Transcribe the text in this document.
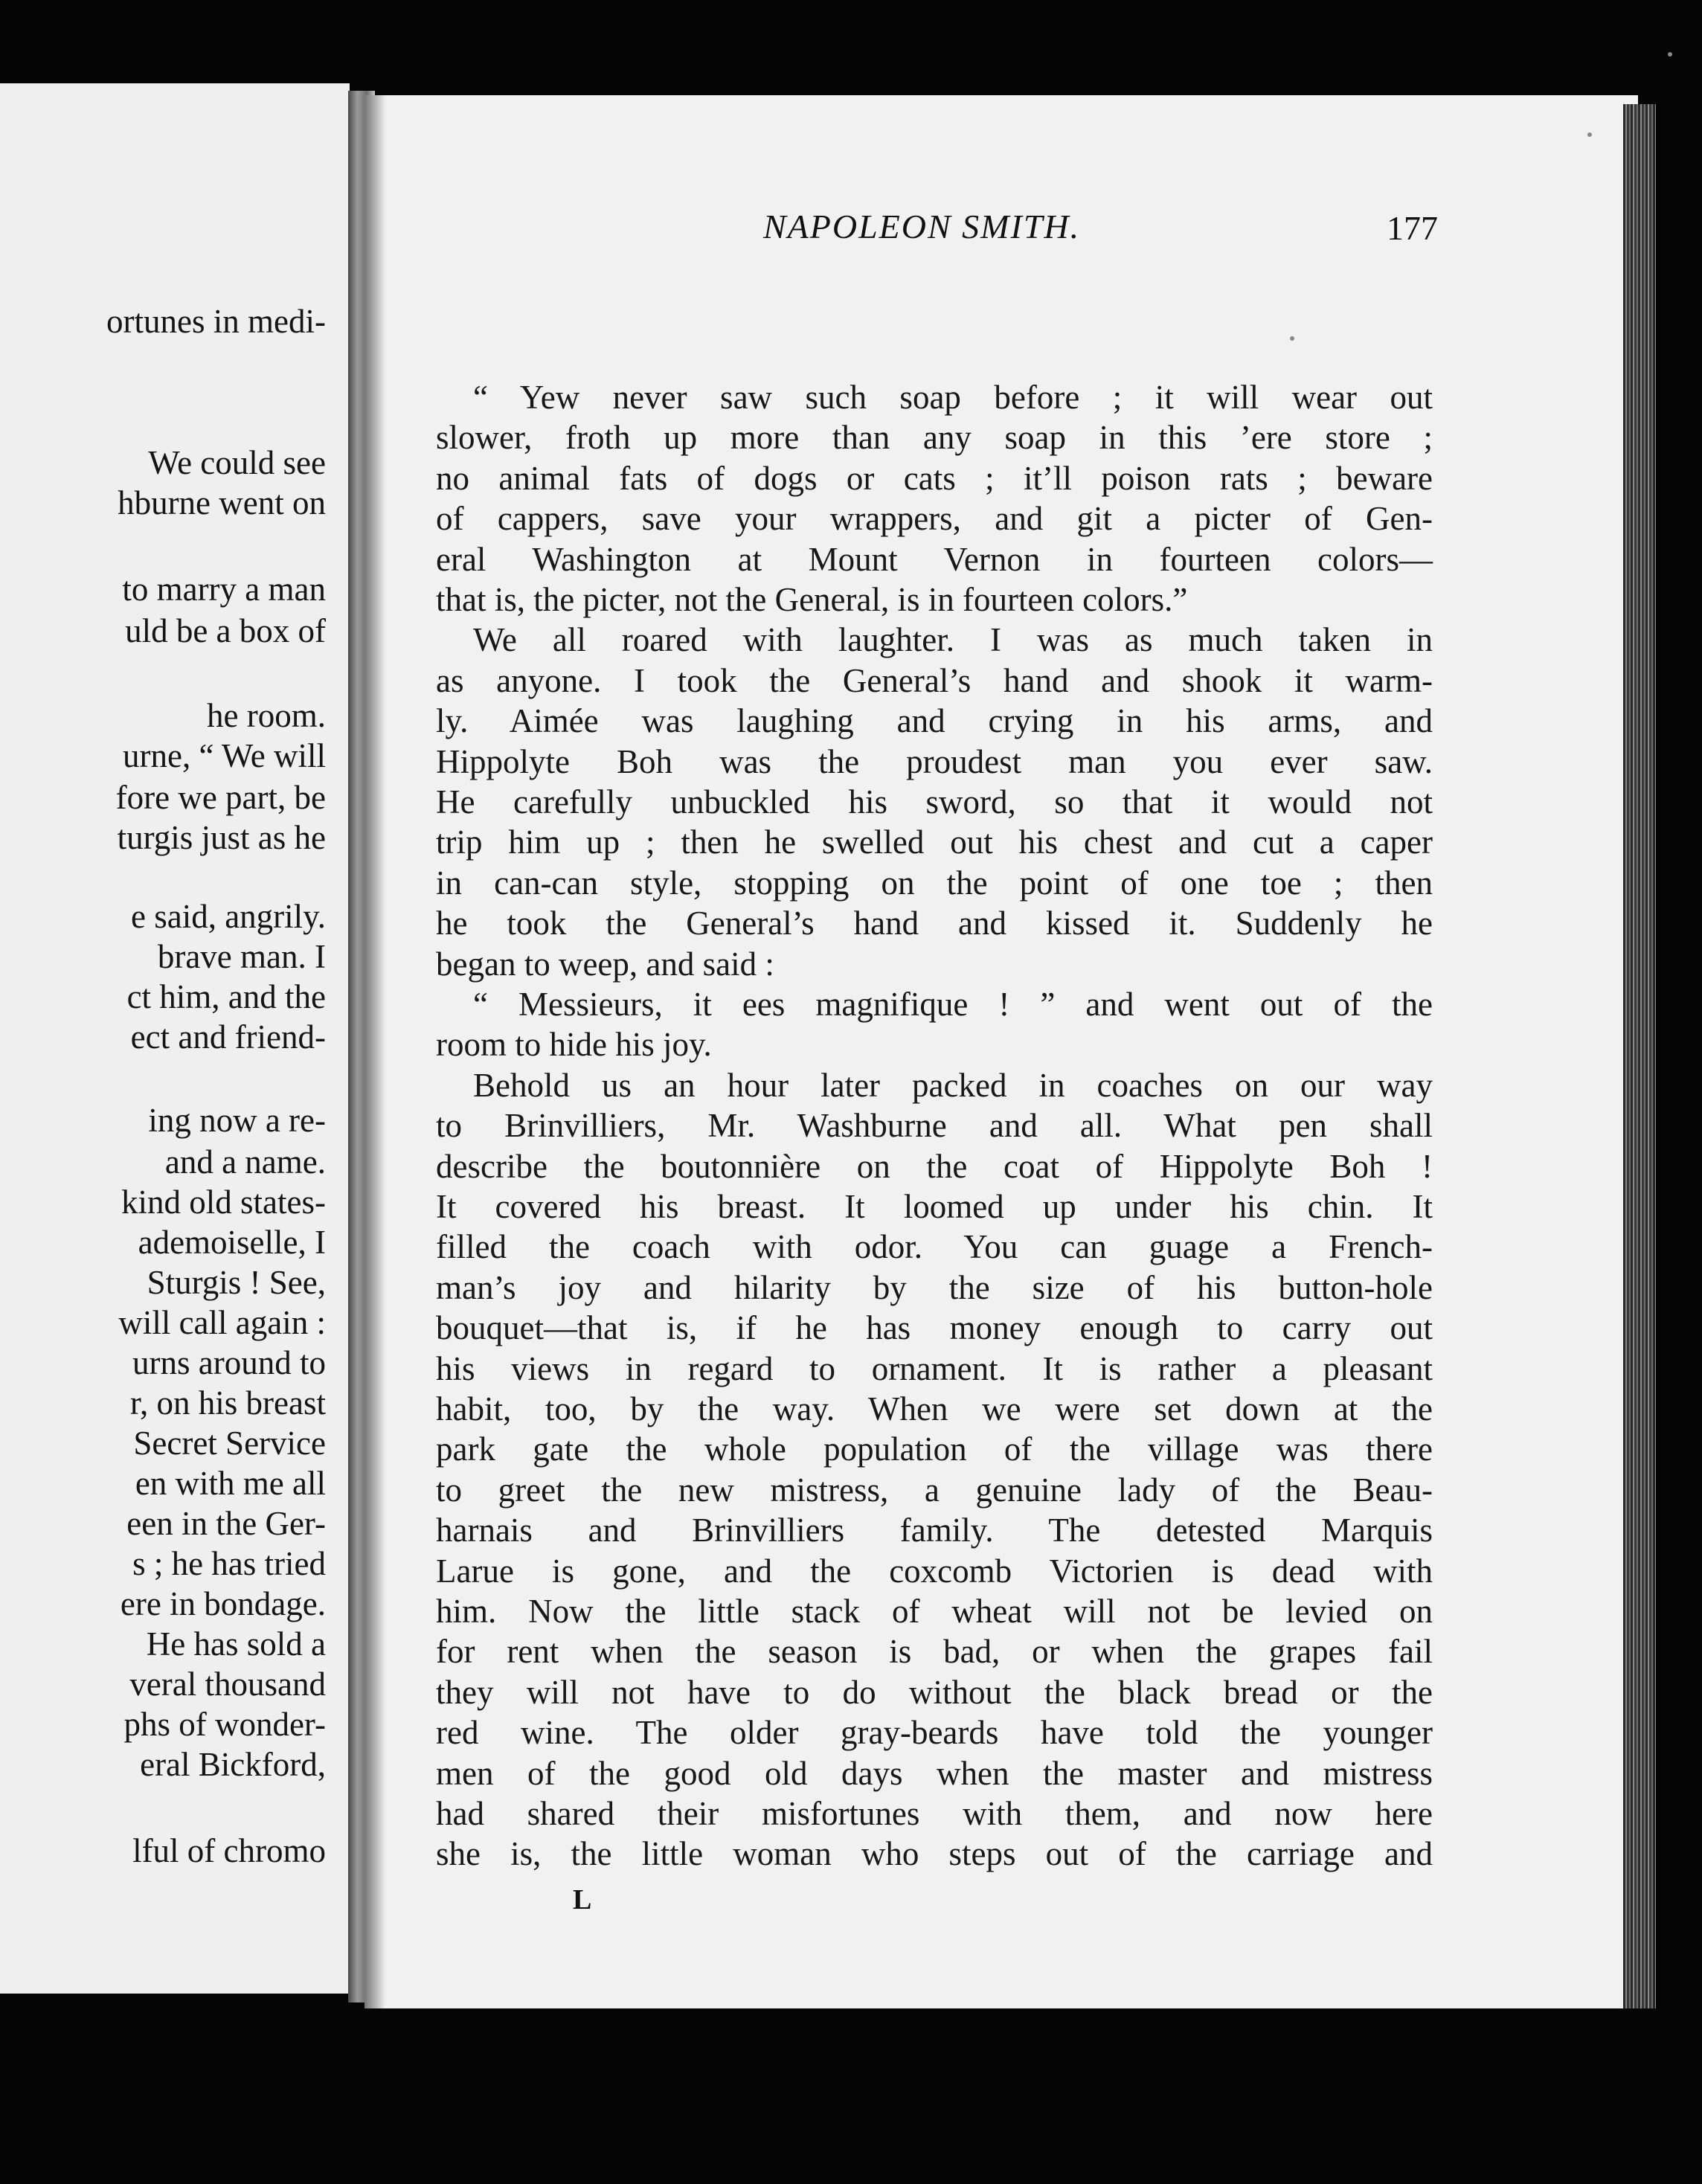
ortunes in medi-
We could see
hburne went on
to marry a man
uld be a box of
he room.
urne, “ We will
fore we part, be
turgis just as he
e said, angrily.
brave man. I
ct him, and the
ect and friend-
ing now a re-
and a name.
kind old states-
ademoiselle, I
Sturgis ! See,
will call again :
urns around to
r, on his breast
Secret Service
en with me all
een in the Ger-
s ; he has tried
ere in bondage.
He has sold a
veral thousand
phs of wonder-
eral Bickford,
lful of chromo
NAPOLEON SMITH.	177
“ Yew never saw such soap before ; it will wear out
slower, froth up more than any soap in this ’ere store ;
no animal fats of dogs or cats ; it’ll poison rats ; beware
of cappers, save your wrappers, and git a picter of Gen-
eral Washington at Mount Vernon in fourteen colors—
that is, the picter, not the General, is in fourteen colors.”
We all roared with laughter. I was as much taken in
as anyone. I took the General’s hand and shook it warm-
ly. Aimée was laughing and crying in his arms, and
Hippolyte Boh was the proudest man you ever saw.
He carefully unbuckled his sword, so that it would not
trip him up ; then he swelled out his chest and cut a caper
in can-can style, stopping on the point of one toe ; then
he took the General’s hand and kissed it. Suddenly he
began to weep, and said :
“ Messieurs, it ees magnifique ! ” and went out of the
room to hide his joy.
Behold us an hour later packed in coaches on our way
to Brinvilliers, Mr. Washburne and all. What pen shall
describe the boutonnière on the coat of Hippolyte Boh !
It covered his breast. It loomed up under his chin. It
filled the coach with odor. You can guage a French-
man’s joy and hilarity by the size of his button-hole
bouquet—that is, if he has money enough to carry out
his views in regard to ornament. It is rather a pleasant
habit, too, by the way. When we were set down at the
park gate the whole population of the village was there
to greet the new mistress, a genuine lady of the Beau-
harnais and Brinvilliers family. The detested Marquis
Larue is gone, and the coxcomb Victorien is dead with
him. Now the little stack of wheat will not be levied on
for rent when the season is bad, or when the grapes fail
they will not have to do without the black bread or the
red wine. The older gray-beards have told the younger
men of the good old days when the master and mistress
had shared their misfortunes with them, and now here
she is, the little woman who steps out of the carriage and
L
